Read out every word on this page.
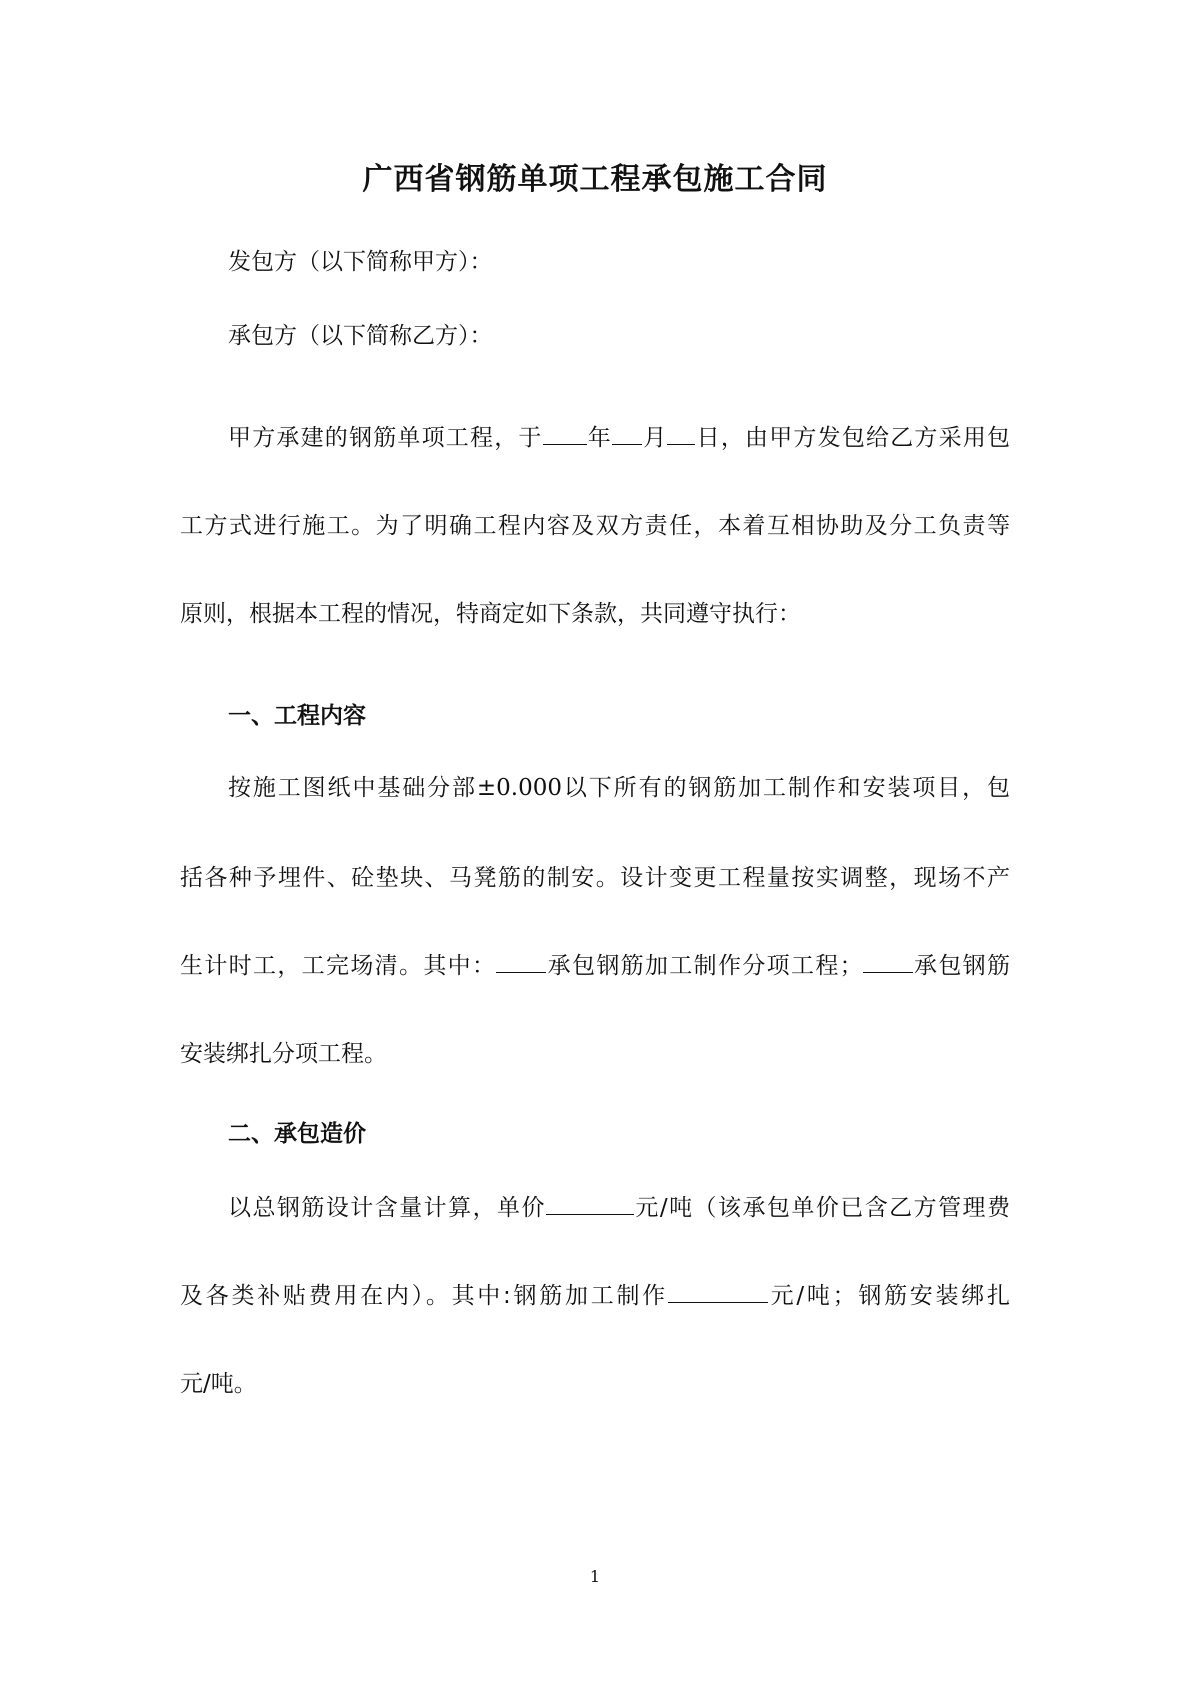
广西省钢筋单项工程承包施工合同
发包方（以下简称甲方）：
承包方（以下简称乙方）：
甲方承建的钢筋单项工程，于 年 月 日，由甲方发包给乙方采用包
工方式进行施工。为了明确工程内容及双方责任，本着互相协助及分工负责等
原则，根据本工程的情况，特商定如下条款，共同遵守执行：
一、工程内容
按施工图纸中基础分部±0.000以下所有的钢筋加工制作和安装项目，包
括各种予埋件、砼垫块、马凳筋的制安。设计变更工程量按实调整，现场不产
生计时工，工完场清。其中： 承包钢筋加工制作分项工程； 承包钢筋
安装绑扎分项工程。
二、承包造价
以总钢筋设计含量计算，单价	元/吨（该承包单价已含乙方管理费
及各类补贴费用在内）。其中:钢筋加工制作	元/吨；钢筋安装绑扎
元/吨。
1
